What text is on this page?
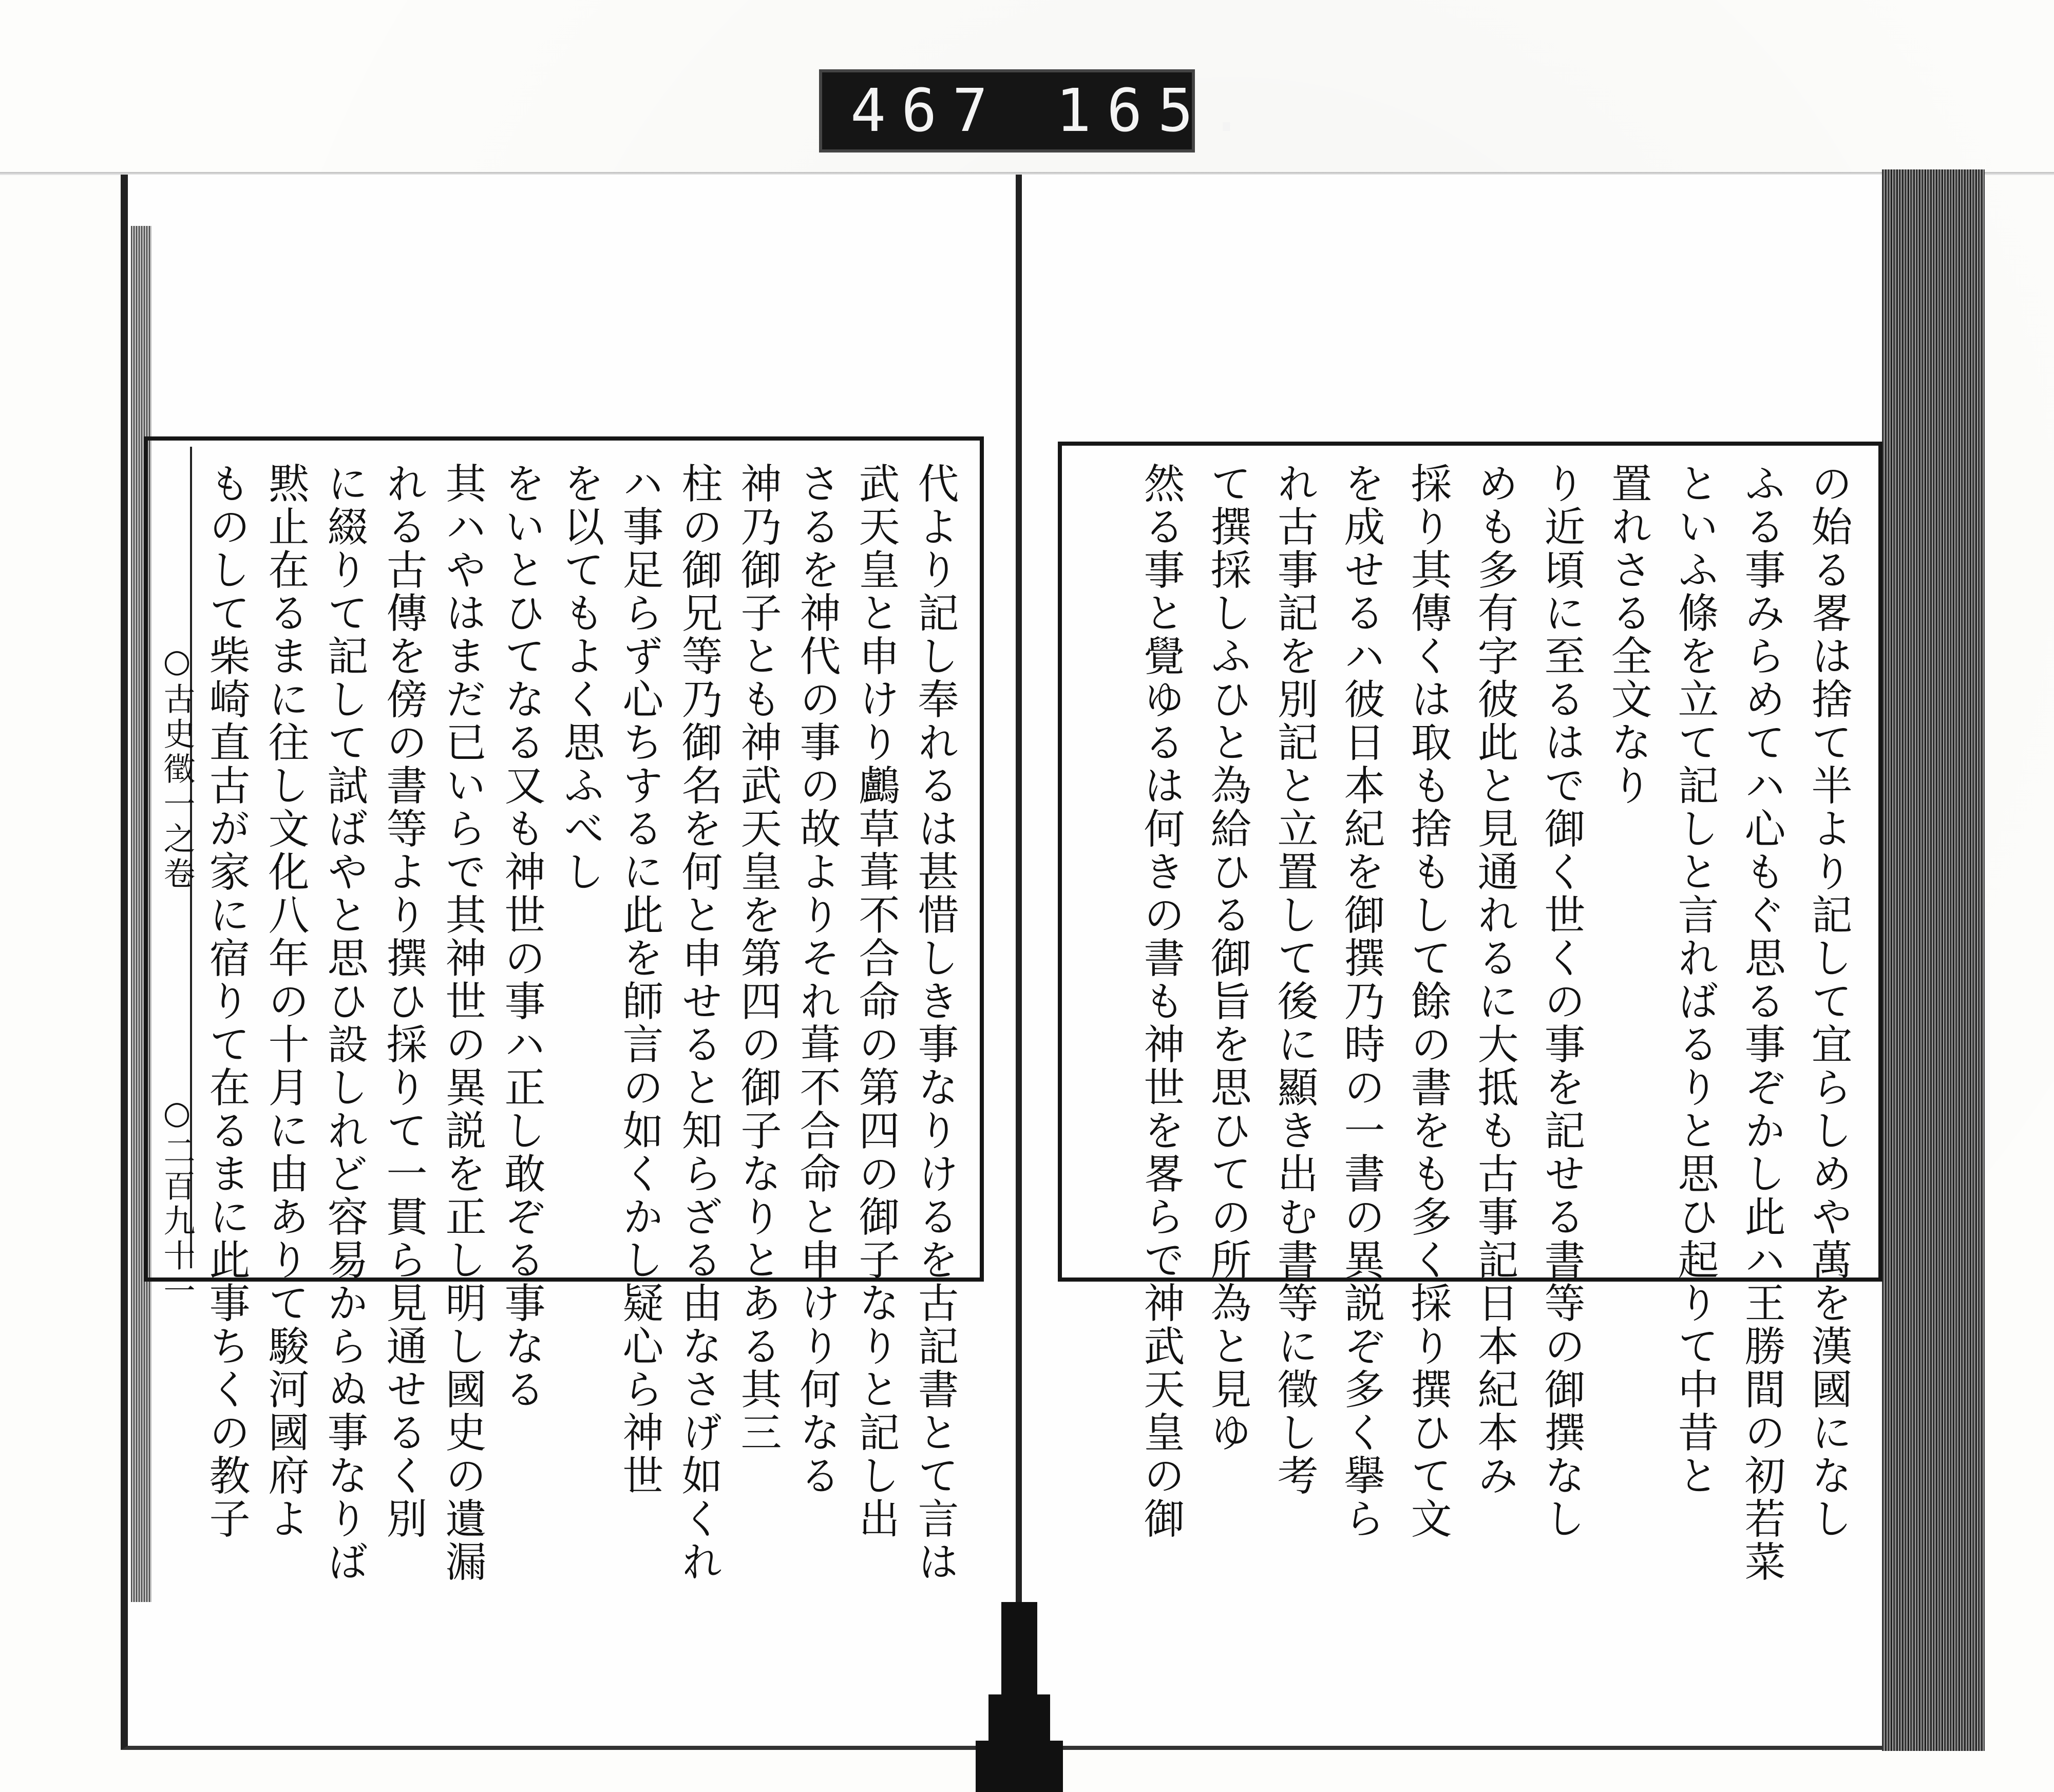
467 165.
○古史徵一之卷
○二百九十一	代より記し奉れるは甚惜しき事なりけるを古記書とて言は
武天皇と申けり鸕草葺不合命の第四の御子なりと記し出
さるを神代の事の故よりそれ葺不合命と申けり何なる
神乃御子とも神武天皇を第四の御子なりとある其三
柱の御兄等乃御名を何と申せると知らざる由なさげ如くれ
ハ事足らず心ちするに此を師言の如くかし疑心ら神世
を以てもよく思ふべし
をいとひてなる又も神世の事ハ正し敢ぞる事なる
其ハやはまだ已いらで其神世の異説を正し明し國史の遺漏
れる古傳を傍の書等より撰ひ採りて一貫ら見通せるく別
に綴りて記して試ばやと思ひ設しれど容易からぬ事なりば
黙止在るまに往し文化八年の十月に由ありて駿河國府よ
ものして柴崎直古が家に宿りて在るまに此事ちくの教子	の始る畧は捨て半より記して宜らしめや萬を漢國になし
ふる事みらめてハ心もぐ思る事ぞかし此ハ王勝間の初若菜
といふ條を立て記しと言ればるりと思ひ起りて中昔と
置れさる全文なり
り近頃に至るはで御く世くの事を記せる書等の御撰なし
めも多有字彼此と見通れるに大抵も古事記日本紀本み
採り其傳くは取も捨もして餘の書をも多く採り撰ひて文
を成せるハ彼日本紀を御撰乃時の一書の異説ぞ多く擧ら
れ古事記を別記と立置して後に顯き出む書等に徵し考
て撰採しふひと為給ひる御旨を思ひての所為と見ゆ
然る事と覺ゆるは何きの書も神世を畧らで神武天皇の御
